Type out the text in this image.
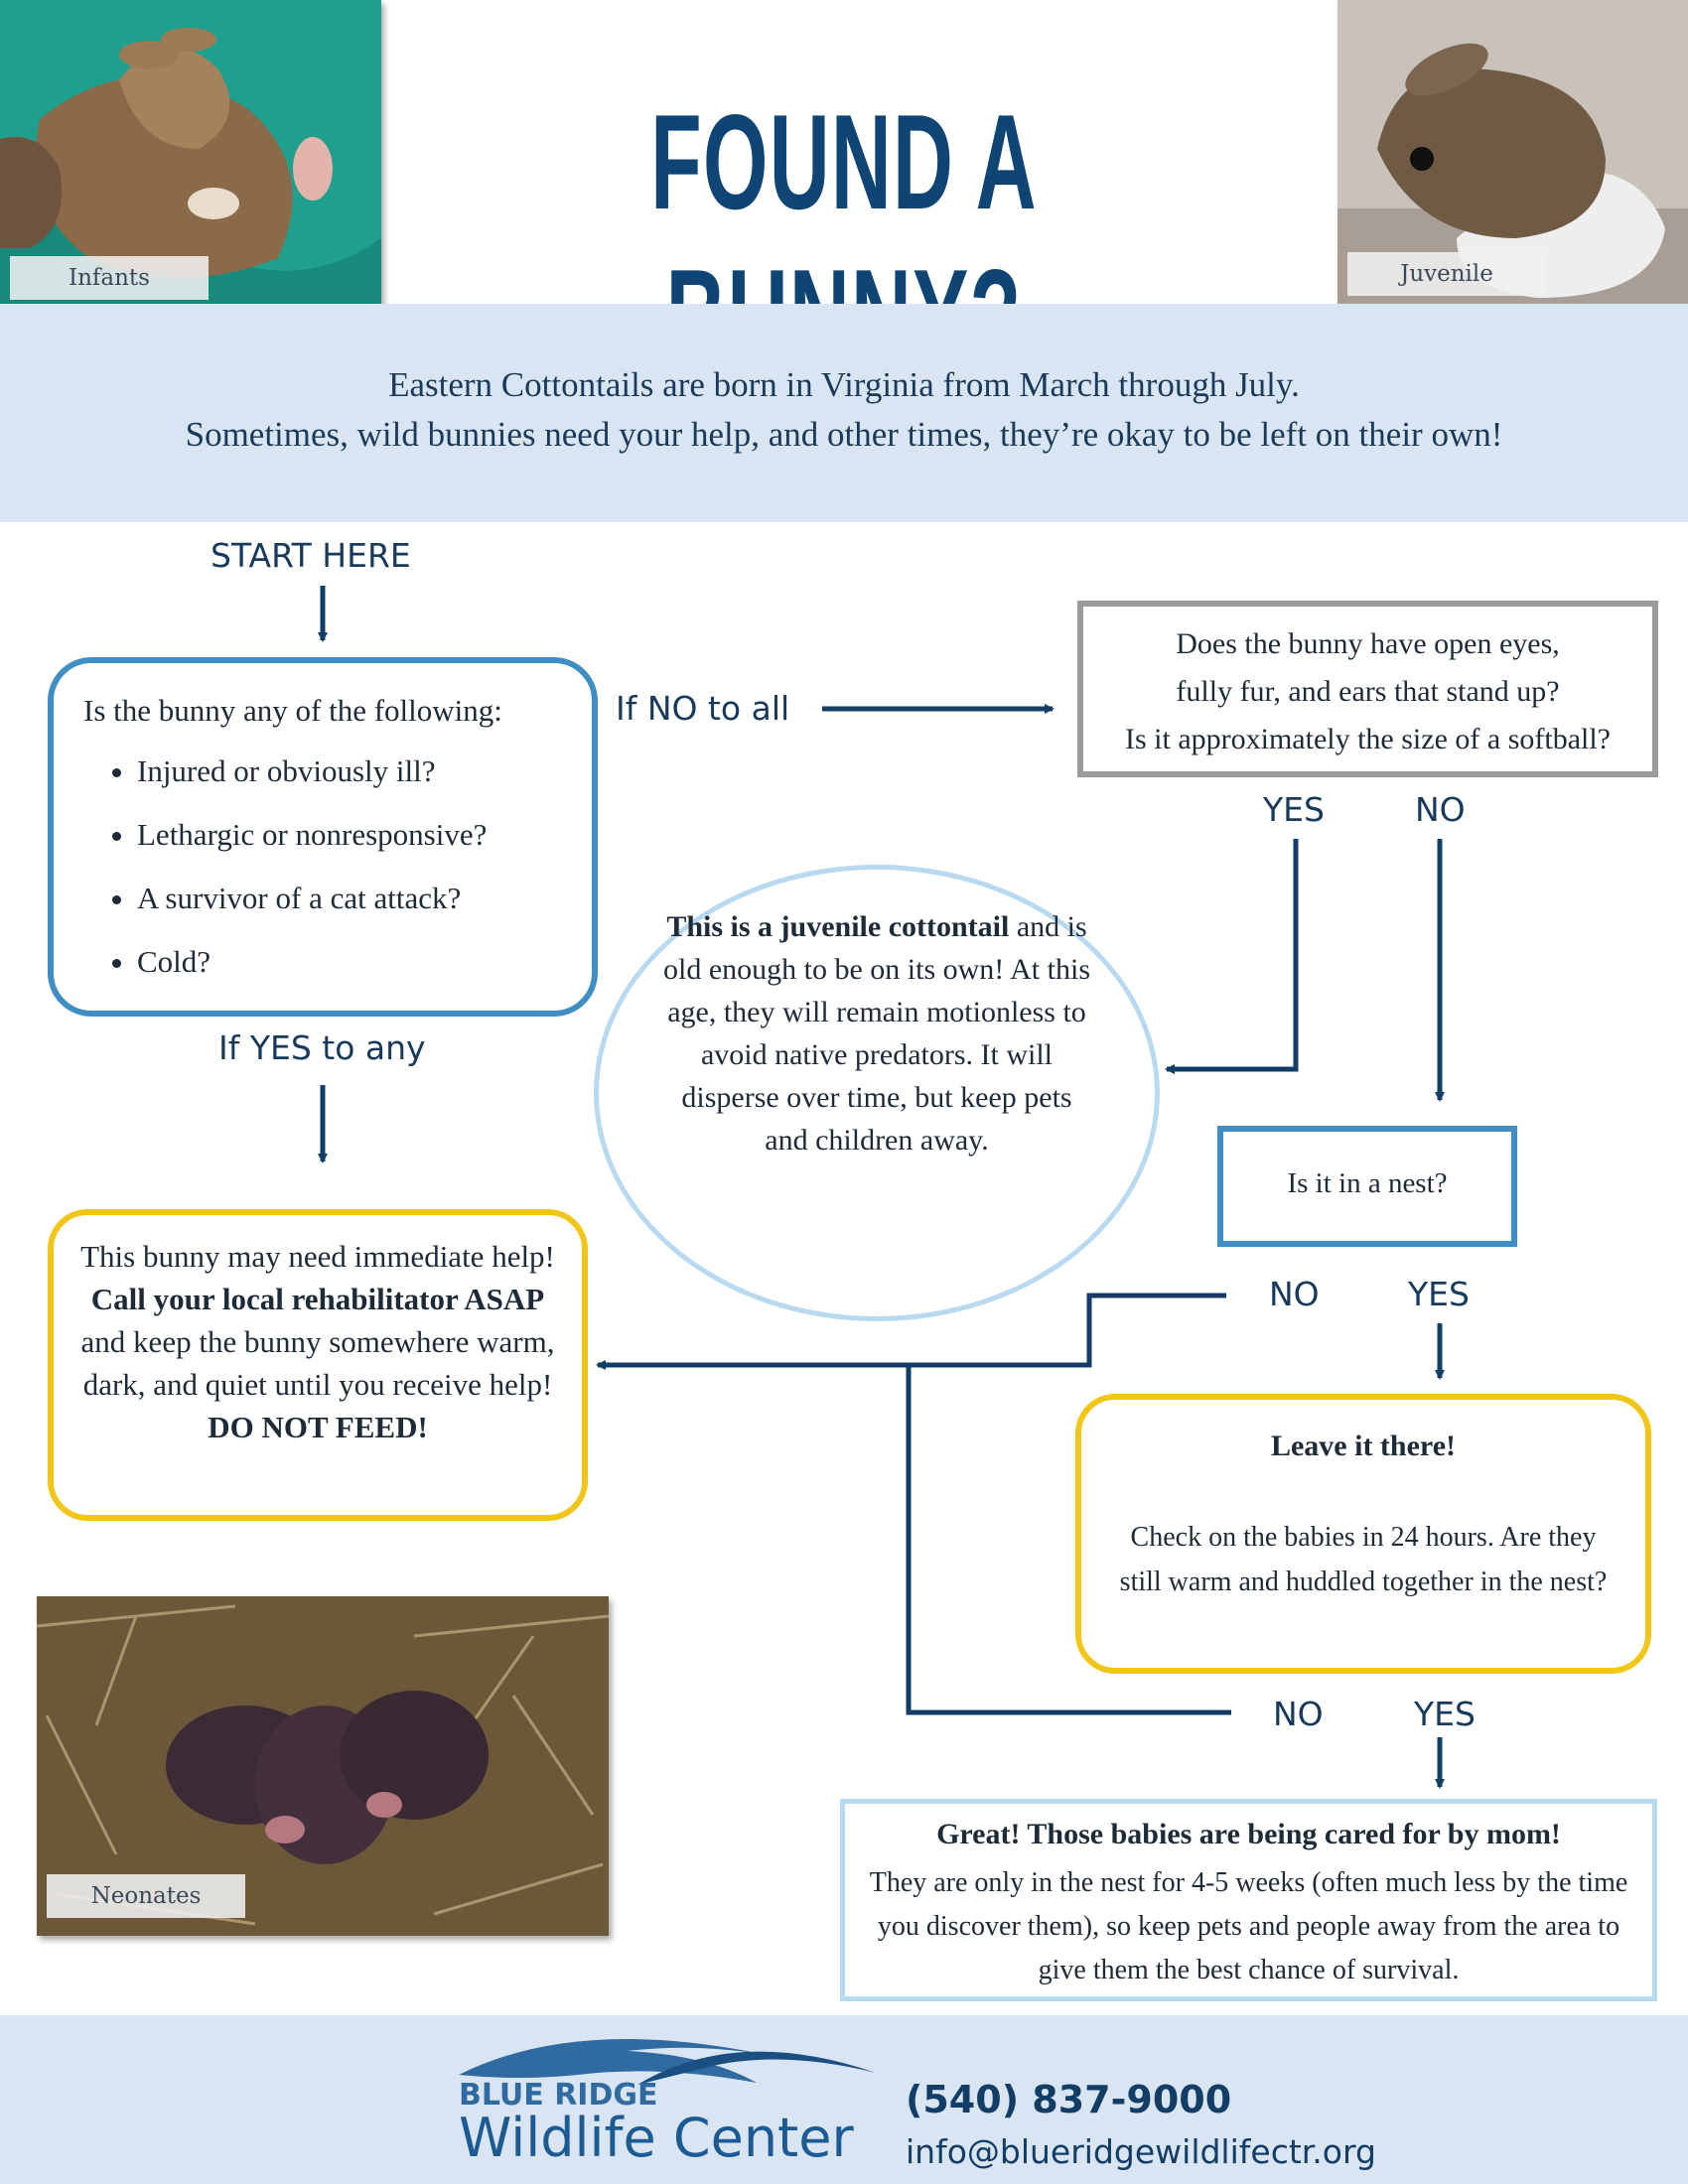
Infants	Juvenile
Neonates
FOUND A
Eastern Cottontails are born in Virginia from March through July.
Sometimes, wild bunnies need your help, and other times, they’re okay to be left on their own!
START HERE
If NO to all
If YES to any
YES	NO
NO	YES
NO	YES
Is the bunny any of the following:
• Injured or obviously ill?
• Lethargic or nonresponsive?
• A survivor of a cat attack?
• Cold?
Does the bunny have open eyes,
fully fur, and ears that stand up?
Is it approximately the size of a softball?
This is a juvenile cottontail and is old enough to be on its own! At this age, they will remain motionless to avoid native predators. It will disperse over time, but keep pets and children away.
Is it in a nest?
This bunny may need immediate help! Call your local rehabilitator ASAP and keep the bunny somewhere warm, dark, and quiet until you receive help!
DO NOT FEED!
Leave it there!
Check on the babies in 24 hours. Are they still warm and huddled together in the nest?
Great! Those babies are being cared for by mom!
They are only in the nest for 4-5 weeks (often much less by the time you discover them), so keep pets and people away from the area to give them the best chance of survival.
BLUE RIDGE
Wildlife Center
(540) 837-9000
info@blueridgewildlifectr.org
